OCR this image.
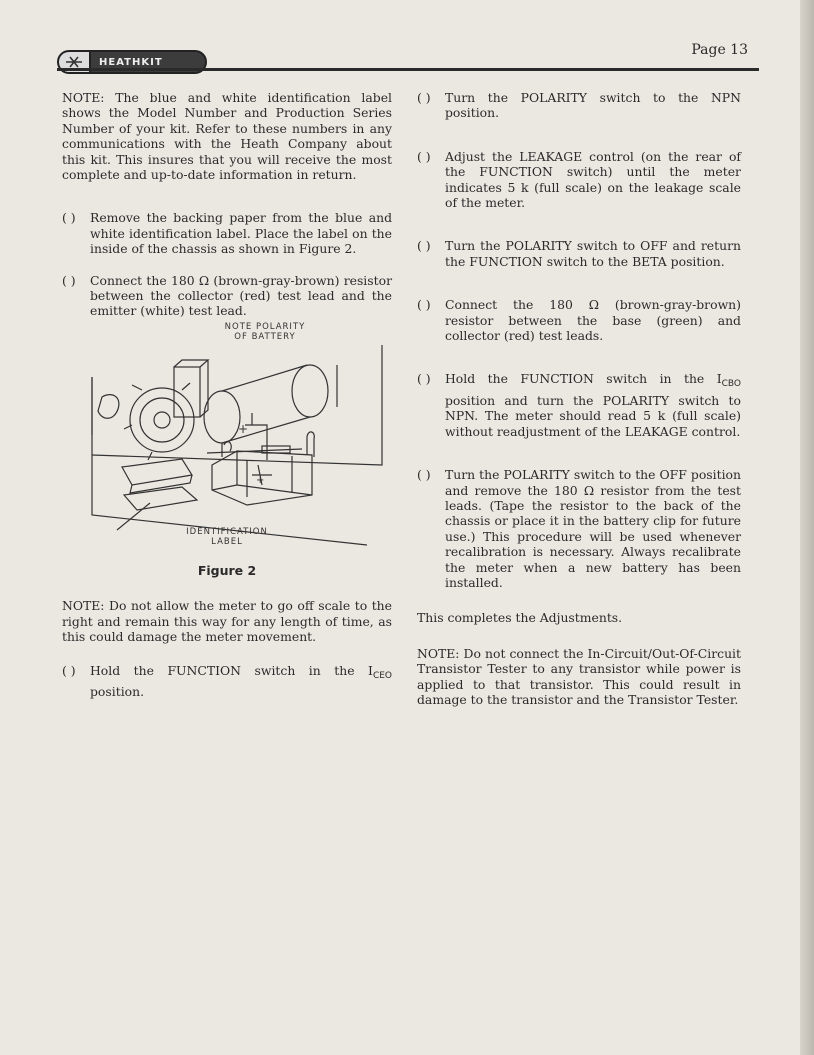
HEATHKIT
Page 13

NOTE: The blue and white identification label shows the Model Number and Production Series Number of your kit. Refer to these numbers in any communications with the Heath Company about this kit. This insures that you will receive the most complete and up-to-date information in return.

( )	Remove the backing paper from the blue and white identification label. Place the label on the inside of the chassis as shown in Figure 2.
( )	Connect the 180 Ω (brown-gray-brown) resistor between the collector (red) test lead and the emitter (white) test lead.
+
+
NOTE POLARITY
OF BATTERY
IDENTIFICATION
LABEL
Figure 2

NOTE: Do not allow the meter to go off scale to the right and remain this way for any length of time, as this could damage the meter movement.

( )	Hold the FUNCTION switch in the $I_{CEO}$ position.
( )	Turn the POLARITY switch to the NPN position.
( )	Adjust the LEAKAGE control (on the rear of the FUNCTION switch) until the meter indicates 5 k (full scale) on the leakage scale of the meter.
( )	Turn the POLARITY switch to OFF and return the FUNCTION switch to the BETA position.
( )	Connect the 180 Ω (brown-gray-brown) resistor between the base (green) and collector (red) test leads.
( )	Hold the FUNCTION switch in the $I_{CBO}$ position and turn the POLARITY switch to NPN. The meter should read 5 k (full scale) without readjustment of the LEAKAGE control.
( )	Turn the POLARITY switch to the OFF position and remove the 180 Ω resistor from the test leads. (Tape the resistor to the back of the chassis or place it in the battery clip for future use.) This procedure will be used whenever recalibration is necessary. Always recalibrate the meter when a new battery has been installed.

This completes the Adjustments.

NOTE: Do not connect the In-Circuit/Out-Of-Circuit Transistor Tester to any transistor while power is applied to that transistor. This could result in damage to the transistor and the Transistor Tester.
